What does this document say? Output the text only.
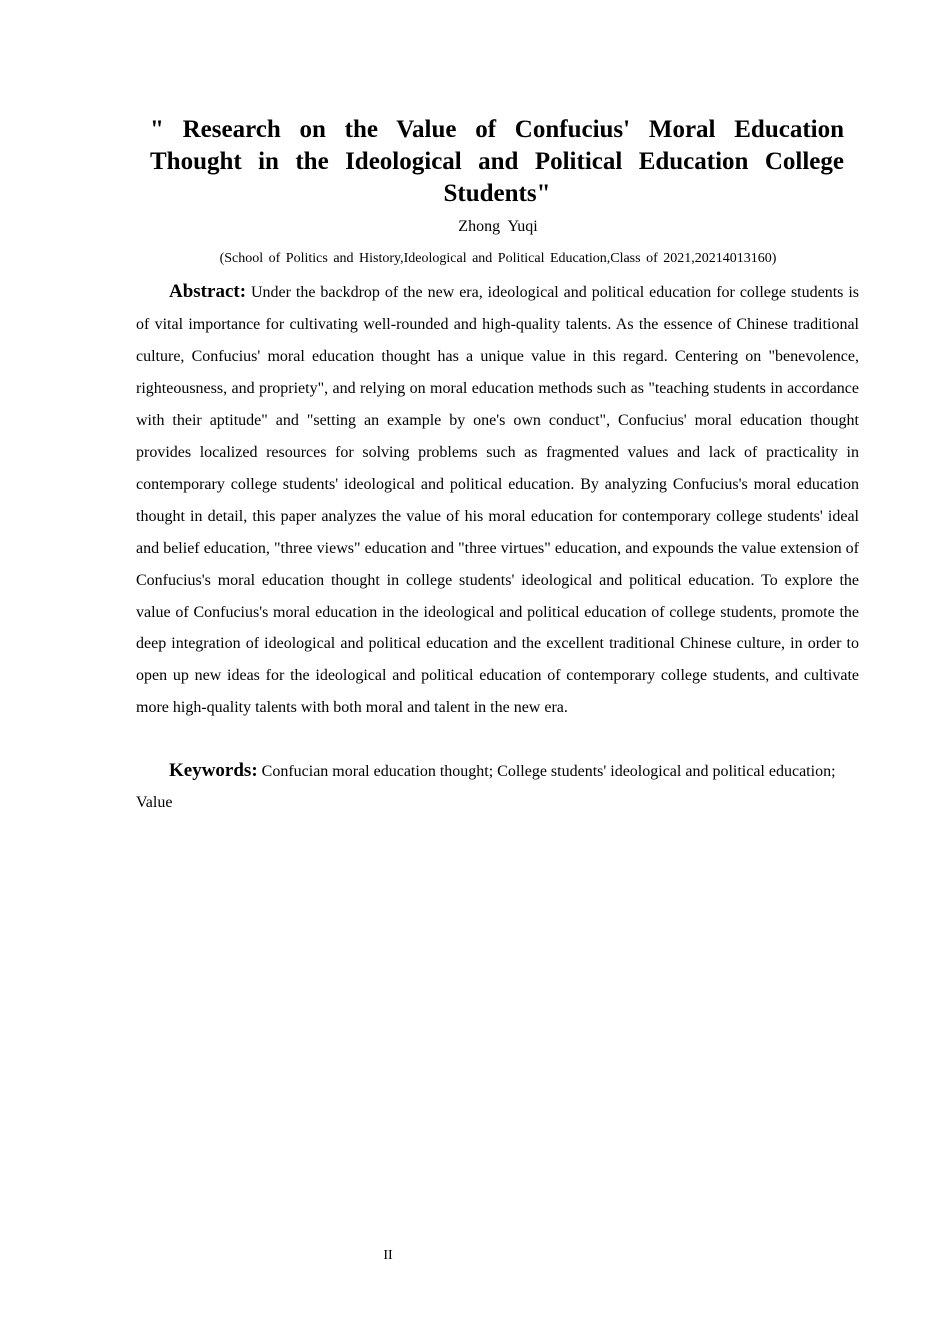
" Research on the Value of Confucius' Moral Education Thought in the Ideological and Political Education College Students"
Zhong Yuqi
(School of Politics and History,Ideological and Political Education,Class of 2021,20214013160)

Abstract: Under the backdrop of the new era, ideological and political education for college students is of vital importance for cultivating well-rounded and high-quality talents. As the essence of Chinese traditional culture, Confucius' moral education thought has a unique value in this regard. Centering on "benevolence, righteousness, and propriety", and relying on moral education methods such as "teaching students in accordance with their aptitude" and "setting an example by one's own conduct", Confucius' moral education thought provides localized resources for solving problems such as fragmented values and lack of practicality in contemporary college students' ideological and political education. By analyzing Confucius's moral education thought in detail, this paper analyzes the value of his moral education for contemporary college students' ideal and belief education, "three views" education and "three virtues" education, and expounds the value extension of Confucius's moral education thought in college students' ideological and political education. To explore the value of Confucius's moral education in the ideological and political education of college students, promote the deep integration of ideological and political education and the excellent traditional Chinese culture, in order to open up new ideas for the ideological and political education of contemporary college students, and cultivate more high-quality talents with both moral and talent in the new era.

Keywords: Confucian moral education thought; College students' ideological and political education; Value

II
